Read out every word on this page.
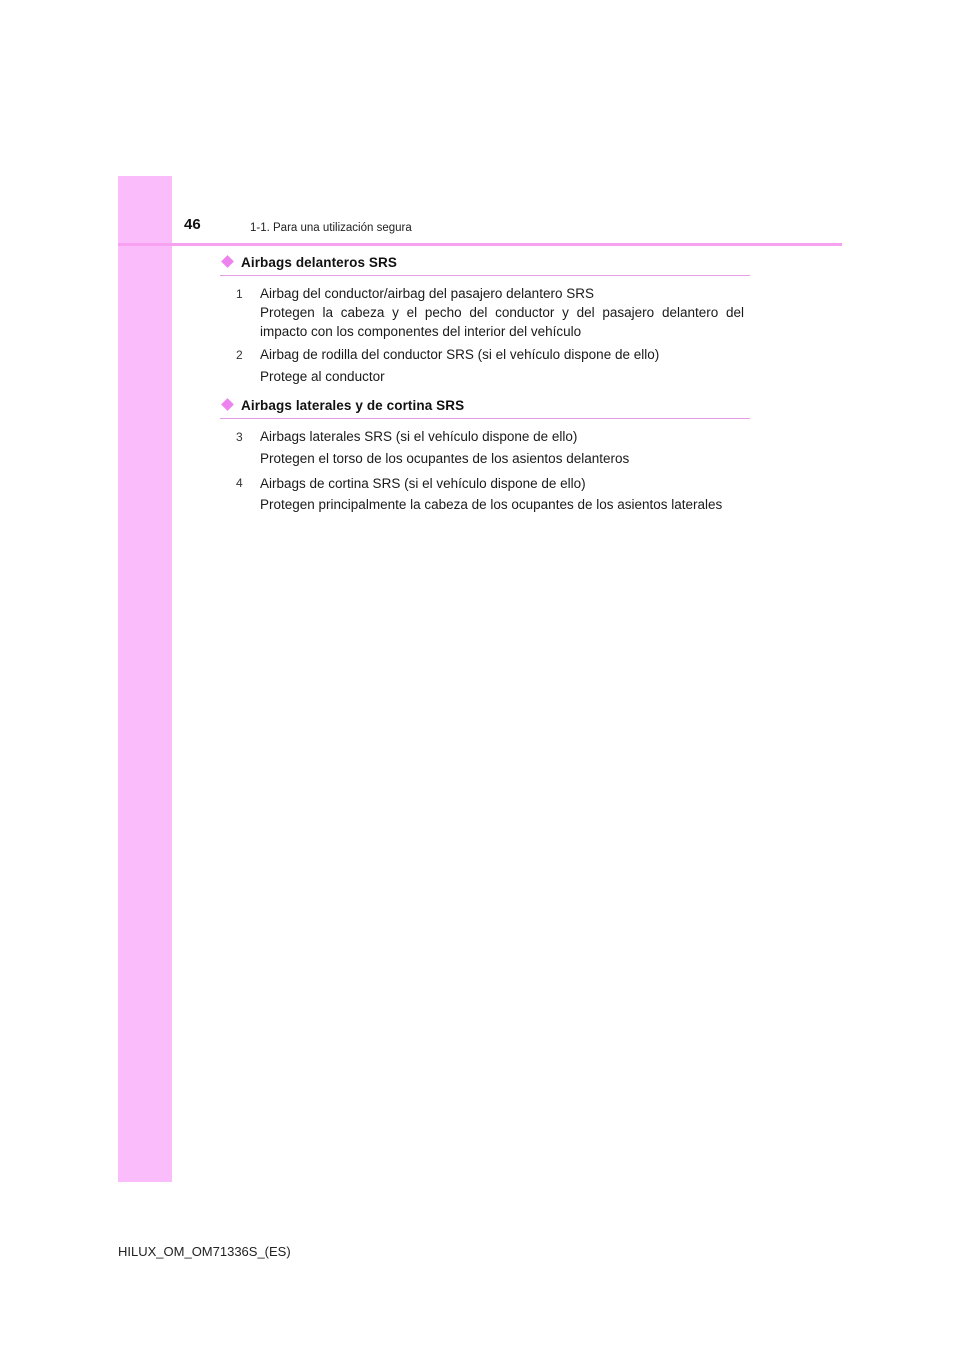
46	1-1. Para una utilización segura
Airbags delanteros SRS
1 Airbag del conductor/airbag del pasajero delantero SRS
Protegen la cabeza y el pecho del conductor y del pasajero delantero del impacto con los componentes del interior del vehículo
2 Airbag de rodilla del conductor SRS (si el vehículo dispone de ello)
Protege al conductor
Airbags laterales y de cortina SRS
3 Airbags laterales SRS (si el vehículo dispone de ello)
Protegen el torso de los ocupantes de los asientos delanteros
4 Airbags de cortina SRS (si el vehículo dispone de ello)
Protegen principalmente la cabeza de los ocupantes de los asientos laterales
HILUX_OM_OM71336S_(ES)
